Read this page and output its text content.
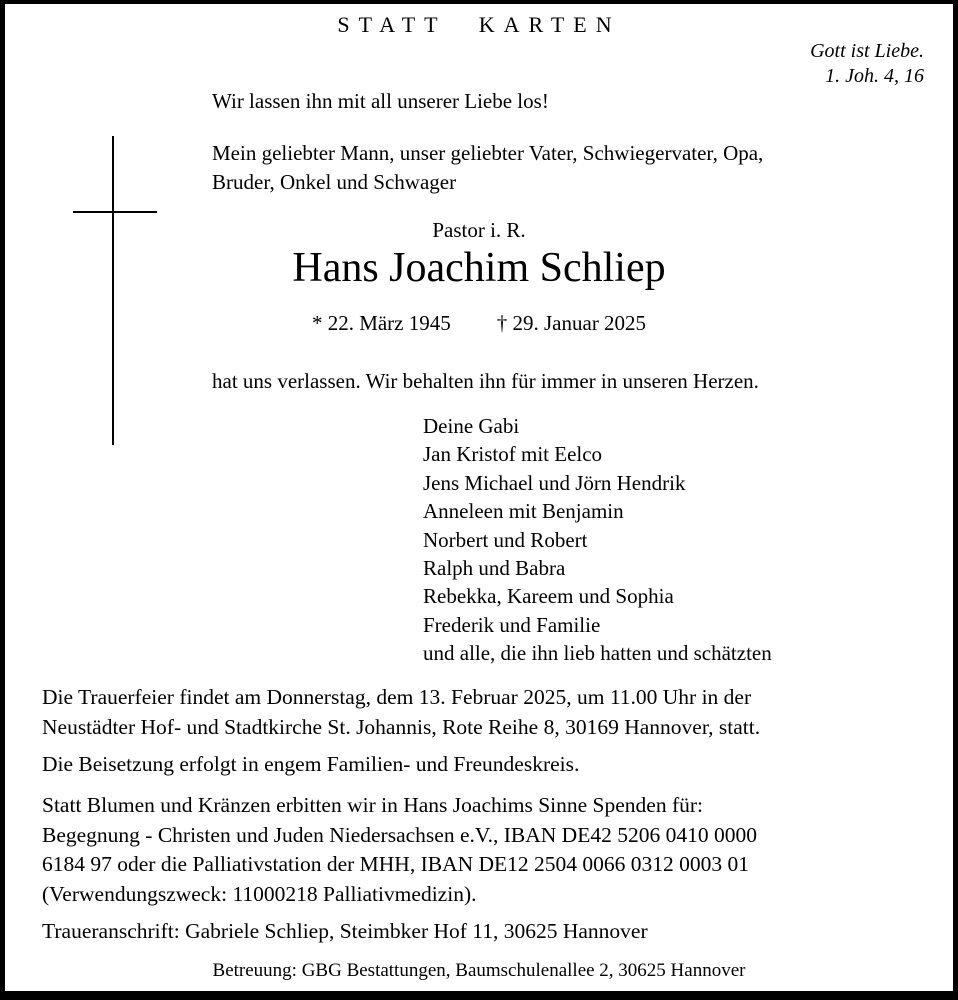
STATT KARTEN
Gott ist Liebe.
1. Joh. 4, 16
Wir lassen ihn mit all unserer Liebe los!
Mein geliebter Mann, unser geliebter Vater, Schwiegervater, Opa,
Bruder, Onkel und Schwager
Pastor i. R.
Hans Joachim Schliep
* 22. März 1945 † 29. Januar 2025
hat uns verlassen. Wir behalten ihn für immer in unseren Herzen.
Deine Gabi
Jan Kristof mit Eelco
Jens Michael und Jörn Hendrik
Anneleen mit Benjamin
Norbert und Robert
Ralph und Babra
Rebekka, Kareem und Sophia
Frederik und Familie
und alle, die ihn lieb hatten und schätzten
Die Trauerfeier findet am Donnerstag, dem 13. Februar 2025, um 11.00 Uhr in der
Neustädter Hof- und Stadtkirche St. Johannis, Rote Reihe 8, 30169 Hannover, statt.
Die Beisetzung erfolgt in engem Familien- und Freundeskreis.
Statt Blumen und Kränzen erbitten wir in Hans Joachims Sinne Spenden für:
Begegnung - Christen und Juden Niedersachsen e.V., IBAN DE42 5206 0410 0000
6184 97 oder die Palliativstation der MHH, IBAN DE12 2504 0066 0312 0003 01
(Verwendungszweck: 11000218 Palliativmedizin).
Traueranschrift: Gabriele Schliep, Steimbker Hof 11, 30625 Hannover
Betreuung: GBG Bestattungen, Baumschulenallee 2, 30625 Hannover
